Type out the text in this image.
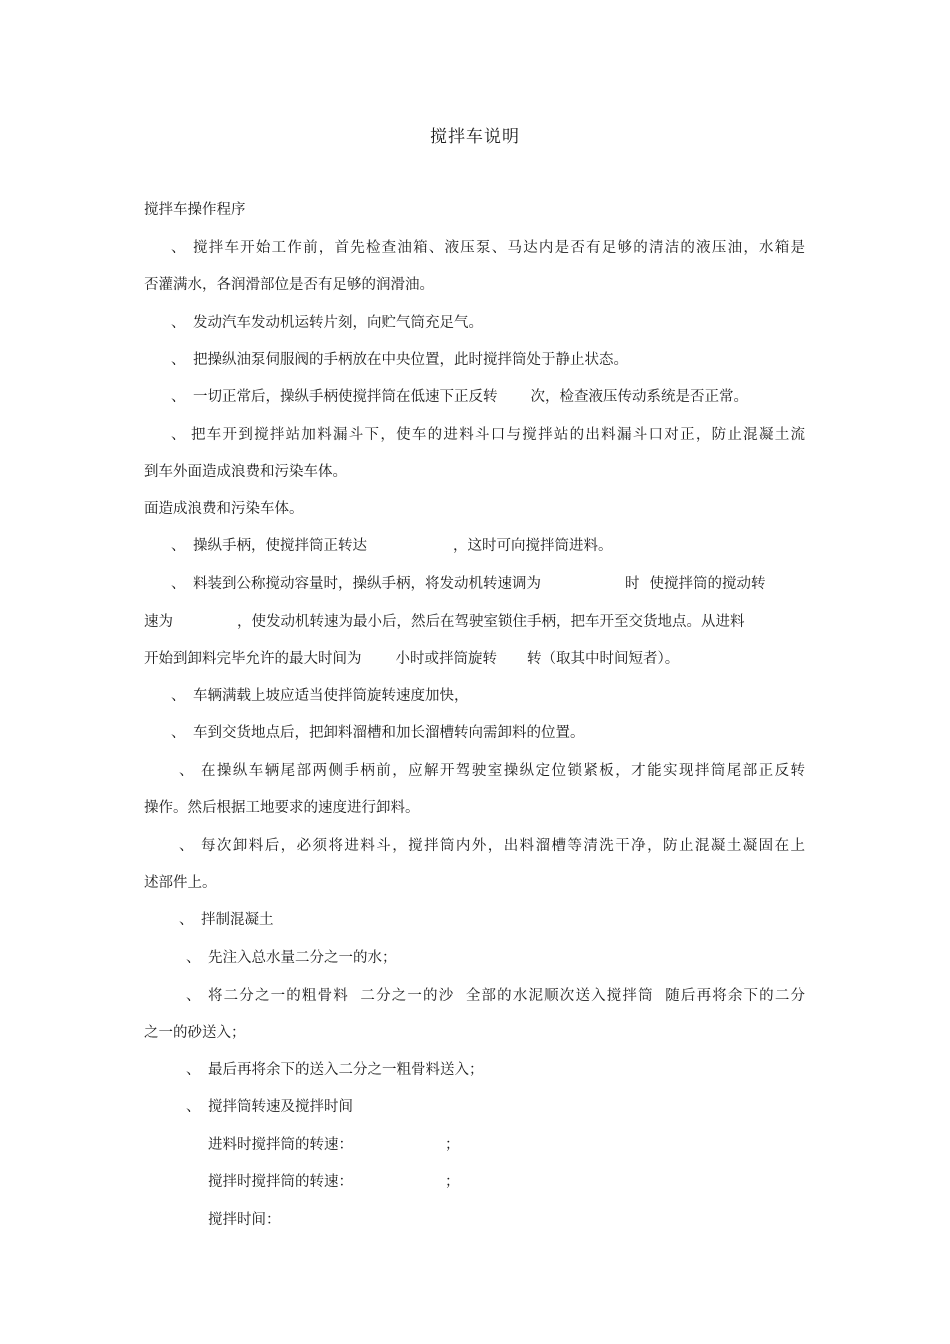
搅拌车说明
搅拌车操作程序
、 搅拌车开始工作前，首先检查油箱、液压泵、马达内是否有足够的清洁的液压油，水箱是
否灌满水，各润滑部位是否有足够的润滑油。
、 发动汽车发动机运转片刻，向贮气筒充足气。
、 把操纵油泵伺服阀的手柄放在中央位置，此时搅拌筒处于静止状态。
、 一切正常后，操纵手柄使搅拌筒在低速下正反转 次，检查液压传动系统是否正常。
、 把车开到搅拌站加料漏斗下，使车的进料斗口与搅拌站的出料漏斗口对正，防止混凝土流
到车外面造成浪费和污染车体。
面造成浪费和污染车体。
、 操纵手柄，使搅拌筒正转达	，这时可向搅拌筒进料。
、 料装到公称搅动容量时，操纵手柄，将发动机转速调为	时 使搅拌筒的搅动转
速为	，使发动机转速为最小后，然后在驾驶室锁住手柄，把车开至交货地点。从进料
开始到卸料完毕允许的最大时间为 小时或拌筒旋转 转（取其中时间短者）。
、 车辆满载上坡应适当使拌筒旋转速度加快，
、 车到交货地点后，把卸料溜槽和加长溜槽转向需卸料的位置。
、 在操纵车辆尾部两侧手柄前，应解开驾驶室操纵定位锁紧板，才能实现拌筒尾部正反转
操作。然后根据工地要求的速度进行卸料。
、 每次卸料后，必须将进料斗，搅拌筒内外，出料溜槽等清洗干净，防止混凝土凝固在上
述部件上。
、 拌制混凝土
、 先注入总水量二分之一的水；
、 将二分之一的粗骨料  二分之一的沙  全部的水泥顺次送入搅拌筒  随后再将余下的二分
之一的砂送入；
、 最后再将余下的送入二分之一粗骨料送入；
、 搅拌筒转速及搅拌时间
进料时搅拌筒的转速：	；
搅拌时搅拌筒的转速：	；
搅拌时间：
